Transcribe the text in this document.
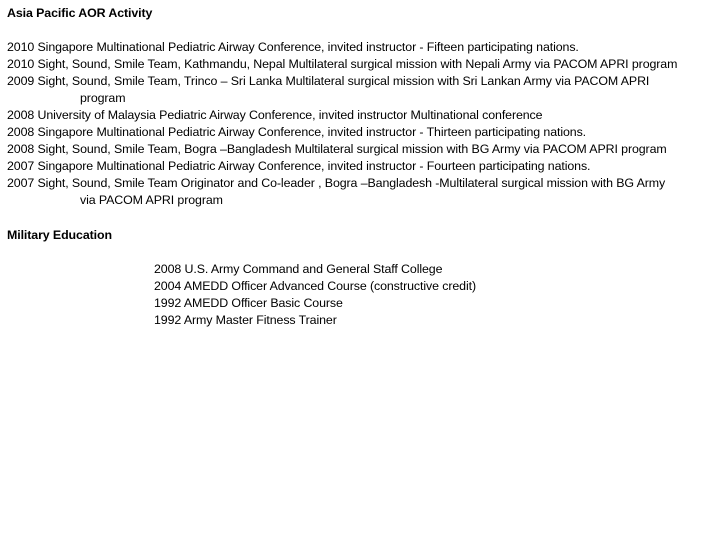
Asia Pacific AOR Activity
2010 Singapore Multinational Pediatric Airway Conference, invited instructor - Fifteen participating nations.
2010 Sight, Sound, Smile Team, Kathmandu, Nepal Multilateral surgical mission with Nepali Army via PACOM APRI program
2009 Sight, Sound, Smile Team, Trinco – Sri Lanka Multilateral surgical mission with Sri Lankan Army via PACOM APRI
program
2008 University of Malaysia Pediatric Airway Conference, invited instructor Multinational conference
2008 Singapore Multinational Pediatric Airway Conference, invited instructor - Thirteen participating nations.
2008 Sight, Sound, Smile Team, Bogra –Bangladesh Multilateral surgical mission with BG Army via PACOM APRI program
2007 Singapore Multinational Pediatric Airway Conference, invited instructor - Fourteen participating nations.
2007 Sight, Sound, Smile Team Originator and Co-leader , Bogra –Bangladesh -Multilateral surgical mission with BG Army
via PACOM APRI program
Military Education
2008 U.S. Army Command and General Staff College
2004 AMEDD Officer Advanced Course (constructive credit)
1992 AMEDD Officer Basic Course
1992 Army Master Fitness Trainer
